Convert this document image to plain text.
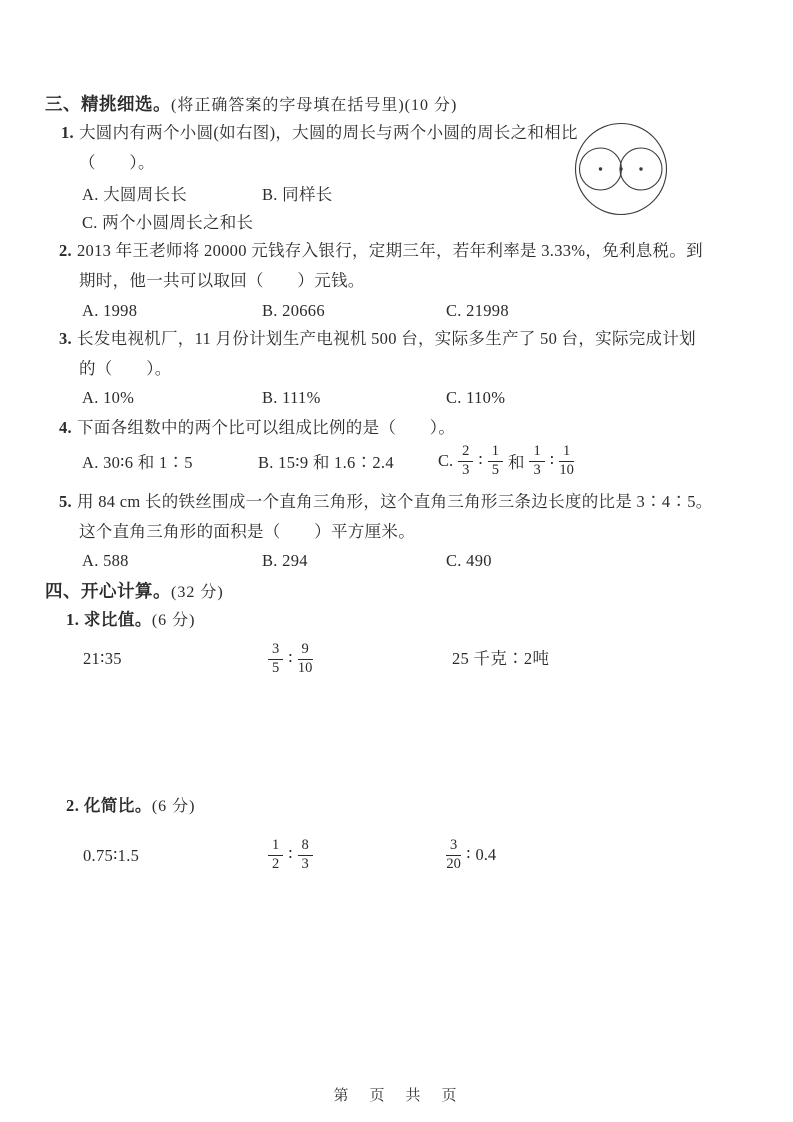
三、精挑细选。(将正确答案的字母填在括号里)(10 分)
1. 大圆内有两个小圆(如右图)，大圆的周长与两个小圆的周长之和相比
（　　）。
A. 大圆周长长	B. 同样长
C. 两个小圆周长之和长
2. 2013 年王老师将 20000 元钱存入银行，定期三年，若年利率是 3.33%，免利息税。到
期时，他一共可以取回（　　）元钱。
A. 1998	B. 20666	C. 21998
3. 长发电视机厂，11 月份计划生产电视机 500 台，实际多生产了 50 台，实际完成计划
的（　　）。
A. 10%	B. 111%	C. 110%
4. 下面各组数中的两个比可以组成比例的是（　　）。
A. 30∶6 和 1∶5	B. 15∶9 和 1.6∶2.4	C. $\frac{2}{3}$ ∶ $\frac{1}{5}$ 和 $\frac{1}{3}$ ∶ $\frac{1}{10}$
5. 用 84 cm 长的铁丝围成一个直角三角形，这个直角三角形三条边长度的比是 3∶4∶5。
这个直角三角形的面积是（　　）平方厘米。
A. 588	B. 294	C. 490
四、开心计算。(32 分)
1. 求比值。(6 分)
21∶35	$\frac{3}{5}$ ∶ $\frac{9}{10}$	25 千克∶2吨
2. 化简比。(6 分)
0.75∶1.5	$\frac{1}{2}$ ∶ $\frac{8}{3}$	$\frac{3}{20}$ ∶ 0.4
第　页　共　页
